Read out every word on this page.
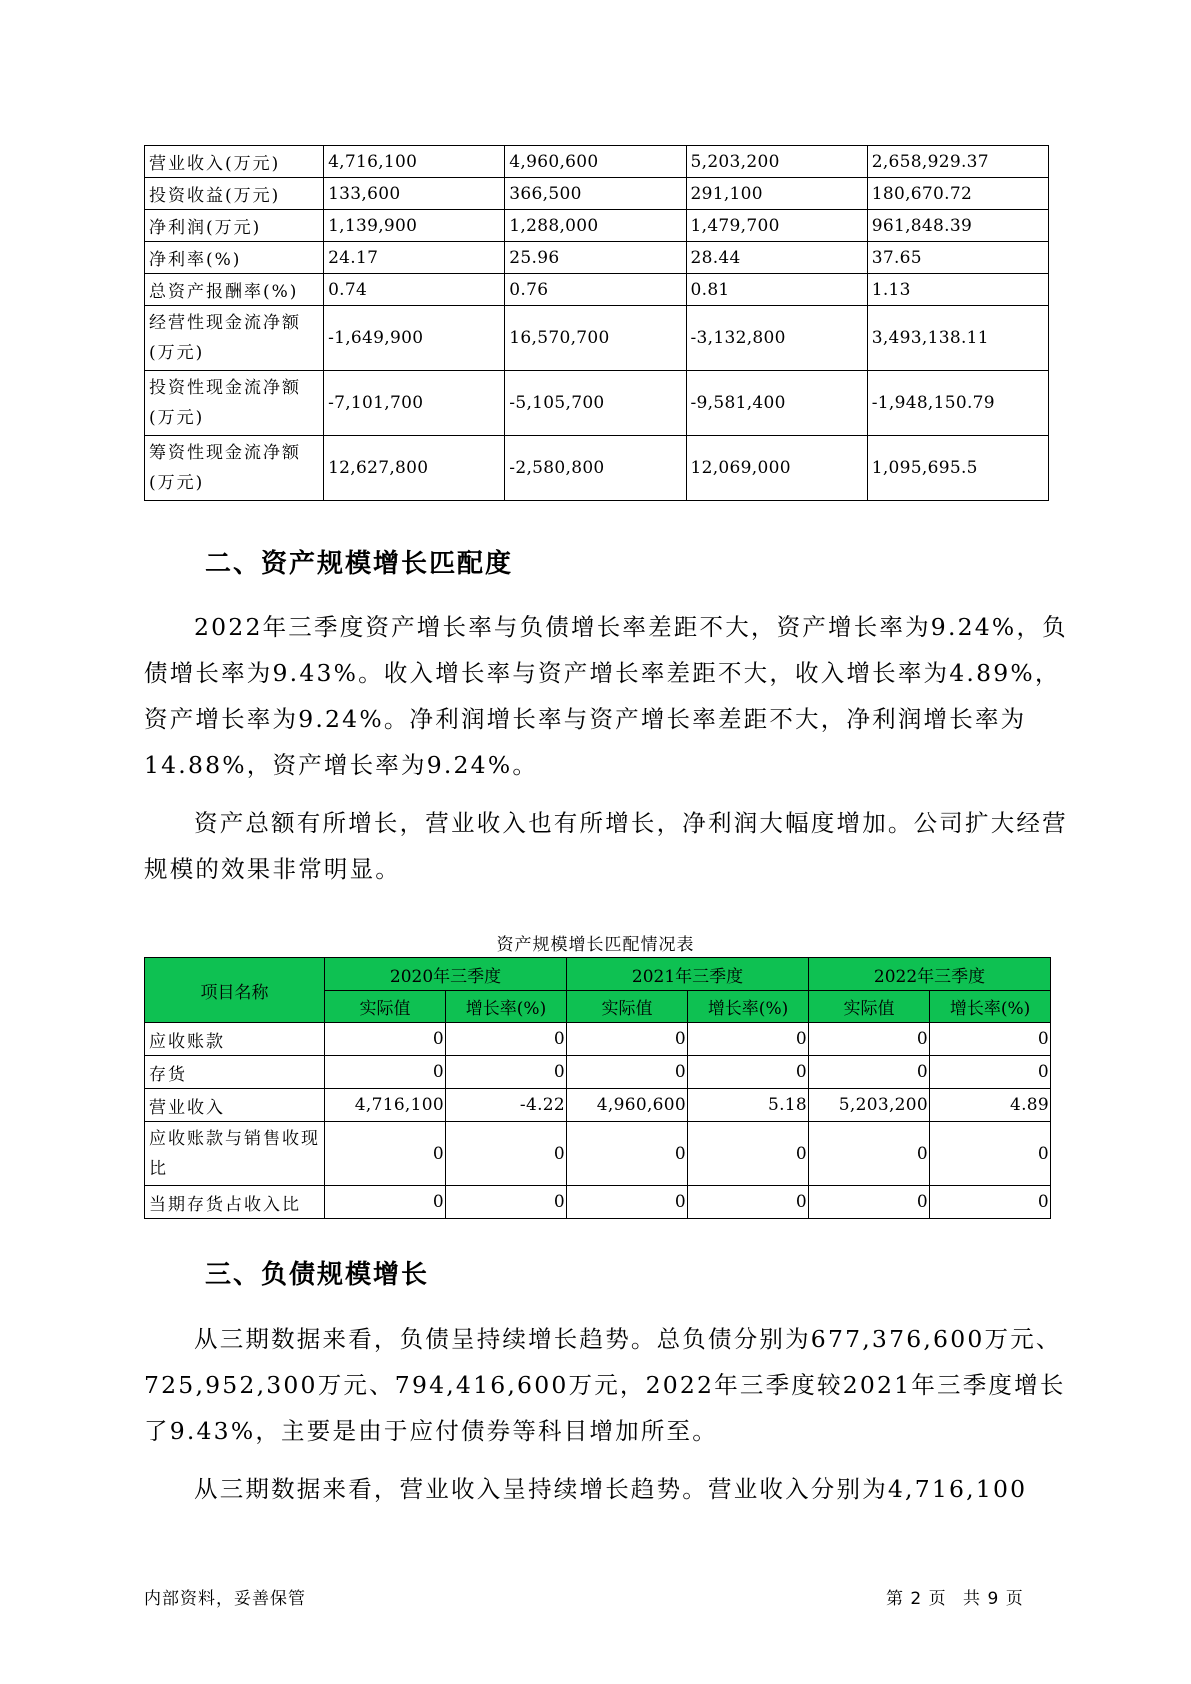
营业收入(万元)	4,716,100	4,960,600	5,203,200	2,658,929.37
投资收益(万元)	133,600	366,500	291,100	180,670.72
净利润(万元)	1,139,900	1,288,000	1,479,700	961,848.39
净利率(%)	24.17	25.96	28.44	37.65
总资产报酬率(%)	0.74	0.76	0.81	1.13
经营性现金流净额(万元)	-1,649,900	16,570,700	-3,132,800	3,493,138.11
投资性现金流净额(万元)	-7,101,700	-5,105,700	-9,581,400	-1,948,150.79
筹资性现金流净额(万元)	12,627,800	-2,580,800	12,069,000	1,095,695.5
二、资产规模增长匹配度

2022年三季度资产增长率与负债增长率差距不大，资产增长率为9.24%，负债增长率为9.43%。收入增长率与资产增长率差距不大，收入增长率为4.89%，资产增长率为9.24%。净利润增长率与资产增长率差距不大，净利润增长率为14.88%，资产增长率为9.24%。

资产总额有所增长，营业收入也有所增长，净利润大幅度增加。公司扩大经营规模的效果非常明显。

资产规模增长匹配情况表
项目名称	2020年三季度		2021年三季度		2022年三季度	
	实际值	增长率(%)	实际值	增长率(%)	实际值	增长率(%)
应收账款	0	0	0	0	0	0
存货	0	0	0	0	0	0
营业收入	4,716,100	-4.22	4,960,600	5.18	5,203,200	4.89
应收账款与销售收现比	0	0	0	0	0	0
当期存货占收入比	0	0	0	0	0	0
三、负债规模增长

从三期数据来看，负债呈持续增长趋势。总负债分别为677,376,600万元、725,952,300万元、794,416,600万元，2022年三季度较2021年三季度增长了9.43%，主要是由于应付债券等科目增加所至。

从三期数据来看，营业收入呈持续增长趋势。营业收入分别为4,716,100

内部资料，妥善保管	第 2 页 共 9 页
